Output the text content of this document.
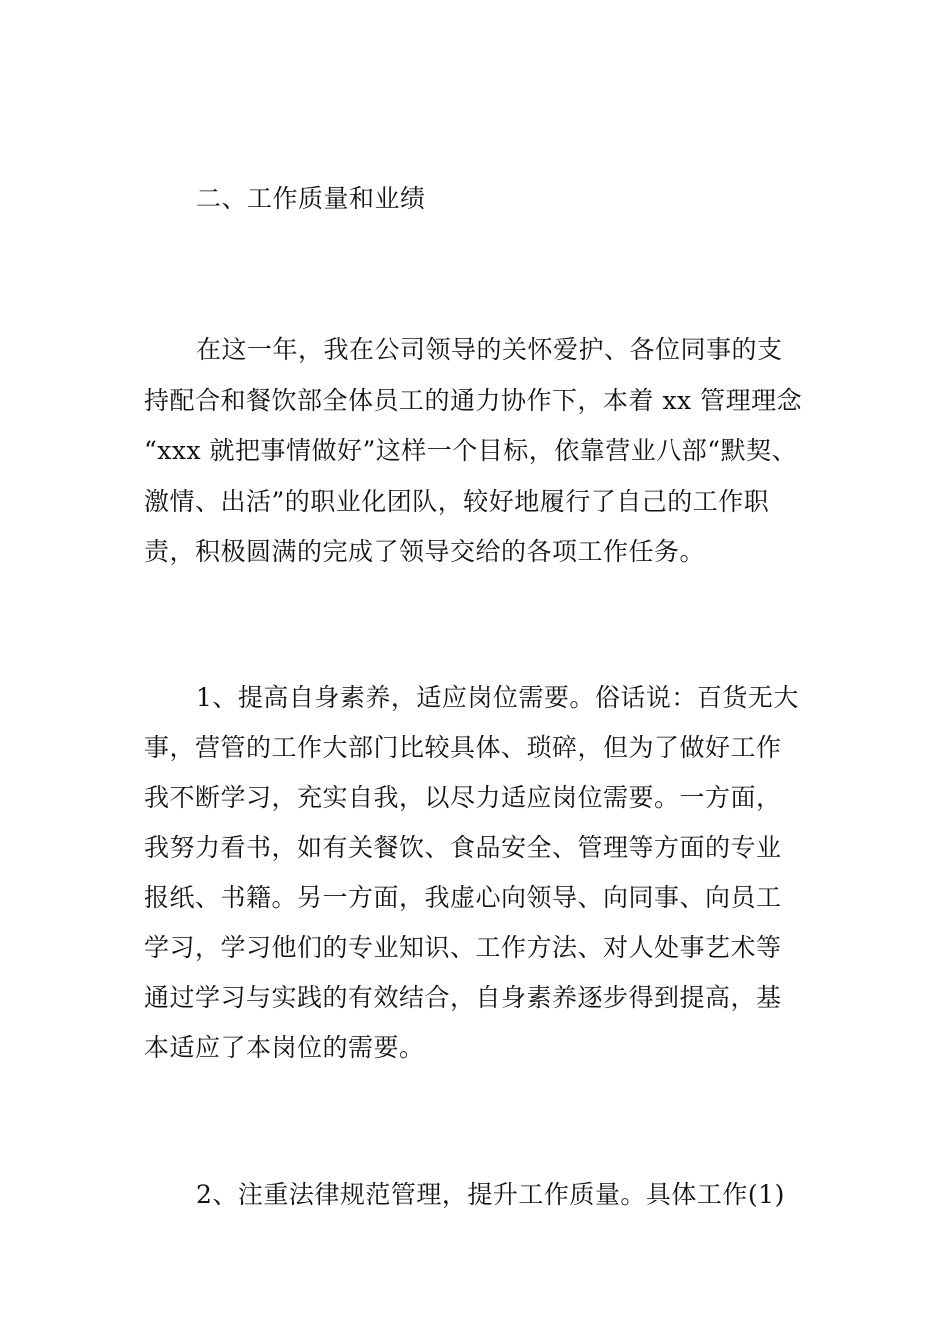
二、工作质量和业绩
在这一年，我在公司领导的关怀爱护、各位同事的支
持配合和餐饮部全体员工的通力协作下，本着 xx 管理理念
“xxx 就把事情做好”这样一个目标，依靠营业八部“默契、
激情、出活”的职业化团队，较好地履行了自己的工作职
责，积极圆满的完成了领导交给的各项工作任务。
1、提高自身素养，适应岗位需要。俗话说：百货无大
事，营管的工作大部门比较具体、琐碎，但为了做好工作
我不断学习，充实自我，以尽力适应岗位需要。一方面，
我努力看书，如有关餐饮、食品安全、管理等方面的专业
报纸、书籍。另一方面，我虚心向领导、向同事、向员工
学习，学习他们的专业知识、工作方法、对人处事艺术等
通过学习与实践的有效结合，自身素养逐步得到提高，基
本适应了本岗位的需要。
2、注重法律规范管理，提升工作质量。具体工作(1)
